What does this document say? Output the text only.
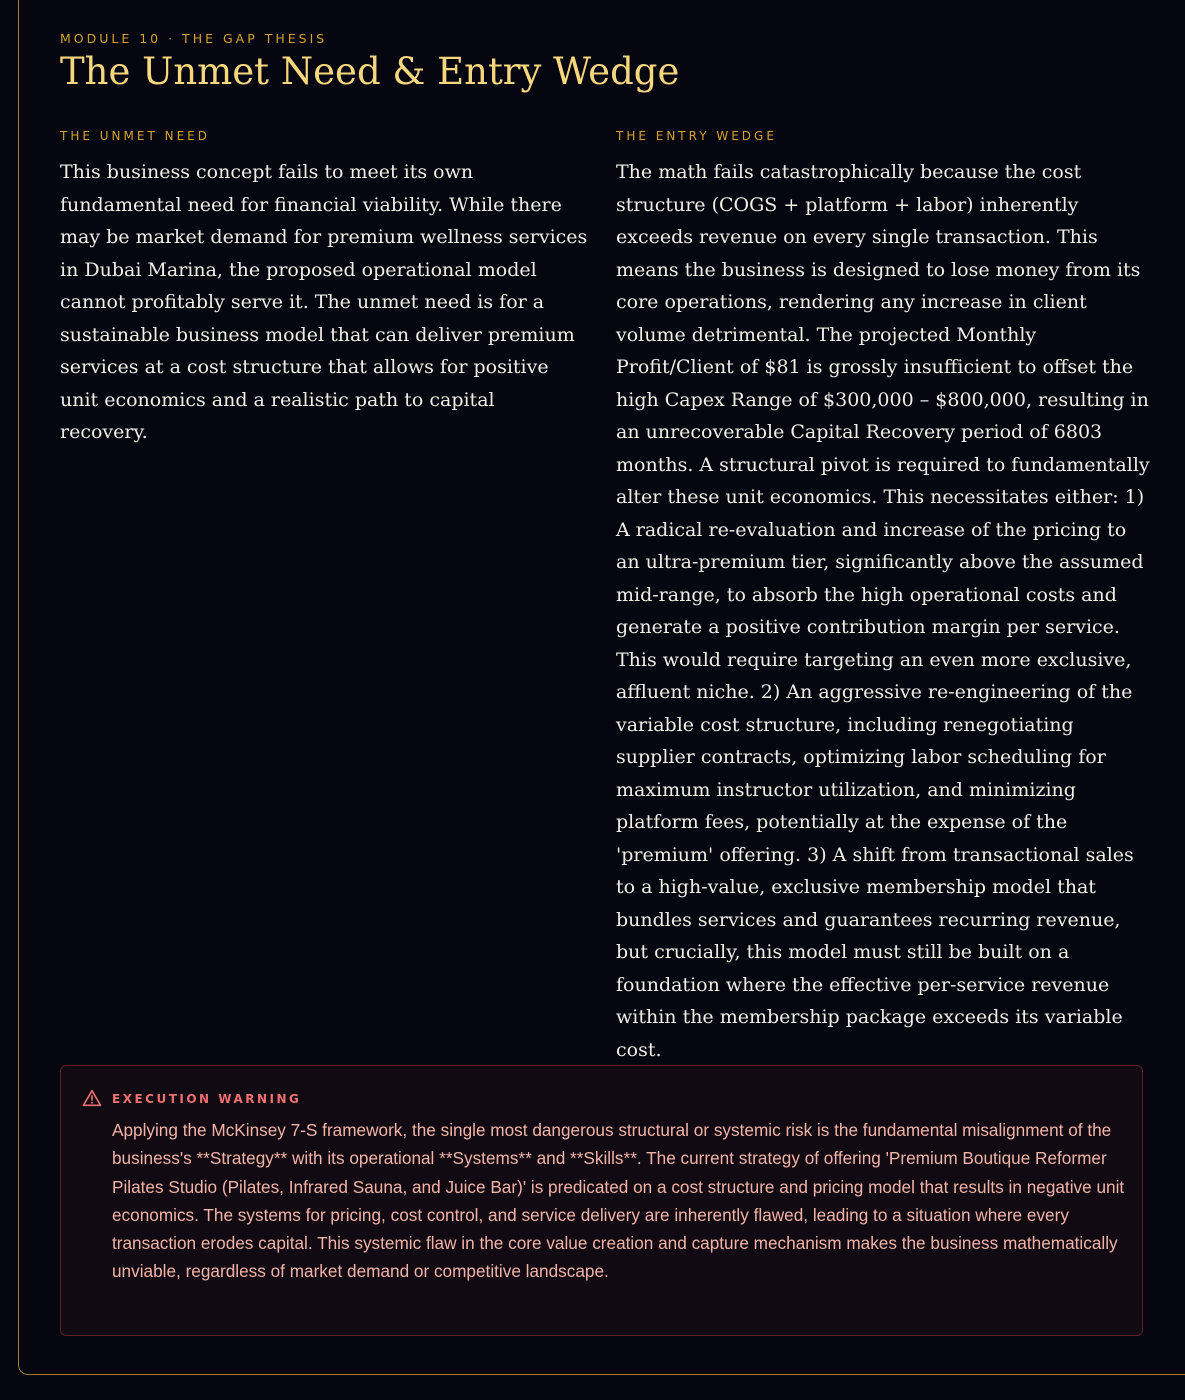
MODULE 10 · THE GAP THESIS
The Unmet Need & Entry Wedge
THE UNMET NEED

This business concept fails to meet its own fundamental need for financial viability. While there may be market demand for premium wellness services in Dubai Marina, the proposed operational model cannot profitably serve it. The unmet need is for a sustainable business model that can deliver premium services at a cost structure that allows for positive unit economics and a realistic path to capital recovery.

THE ENTRY WEDGE

The math fails catastrophically because the cost structure (COGS + platform + labor) inherently exceeds revenue on every single transaction. This means the business is designed to lose money from its core operations, rendering any increase in client volume detrimental. The projected Monthly Profit/Client of $81 is grossly insufficient to offset the high Capex Range of $300,000 – $800,000, resulting in an unrecoverable Capital Recovery period of 6803 months. A structural pivot is required to fundamentally alter these unit economics. This necessitates either: 1) A radical re-evaluation and increase of the pricing to an ultra-premium tier, significantly above the assumed mid-range, to absorb the high operational costs and generate a positive contribution margin per service. This would require targeting an even more exclusive, affluent niche. 2) An aggressive re-engineering of the variable cost structure, including renegotiating supplier contracts, optimizing labor scheduling for maximum instructor utilization, and minimizing platform fees, potentially at the expense of the 'premium' offering. 3) A shift from transactional sales to a high-value, exclusive membership model that bundles services and guarantees recurring revenue, but crucially, this model must still be built on a foundation where the effective per-service revenue within the membership package exceeds its variable cost.

EXECUTION WARNING

Applying the McKinsey 7-S framework, the single most dangerous structural or systemic risk is the fundamental misalignment of the business's **Strategy** with its operational **Systems** and **Skills**. The current strategy of offering 'Premium Boutique Reformer Pilates Studio (Pilates, Infrared Sauna, and Juice Bar)' is predicated on a cost structure and pricing model that results in negative unit economics. The systems for pricing, cost control, and service delivery are inherently flawed, leading to a situation where every transaction erodes capital. This systemic flaw in the core value creation and capture mechanism makes the business mathematically unviable, regardless of market demand or competitive landscape.
